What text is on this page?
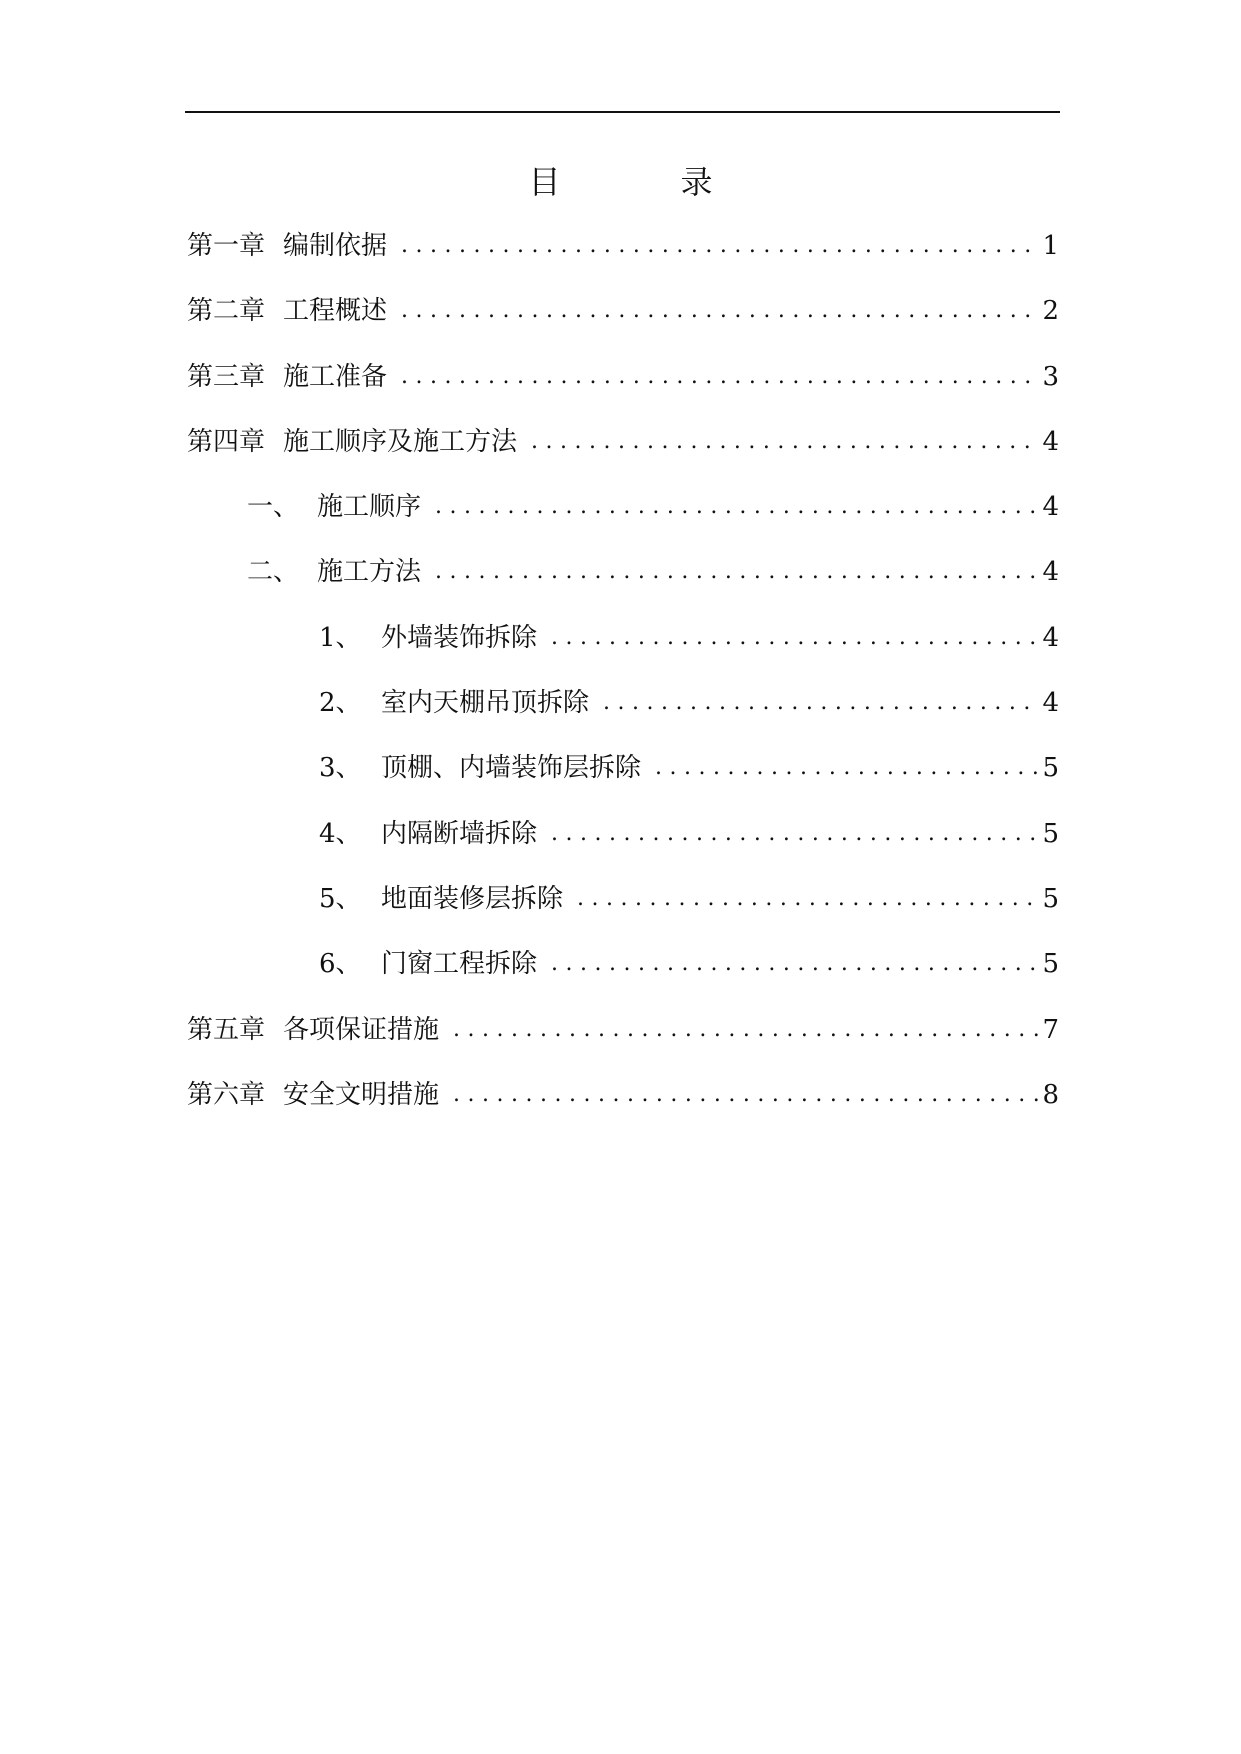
目　录
第一章 编制依据 .....	1
第二章 工程概述 .....	2
第三章 施工准备 .....	3
第四章 施工顺序及施工方法 .....	4
一、 施工顺序 .....	4
二、 施工方法 .....	4
1、 外墙装饰拆除 .....	4
2、 室内天棚吊顶拆除 .....	4
3、 顶棚、内墙装饰层拆除 .....	5
4、 内隔断墙拆除 .....	5
5、 地面装修层拆除 .....	5
6、 门窗工程拆除 .....	5
第五章 各项保证措施 .....	7
第六章 安全文明措施 .....	8
